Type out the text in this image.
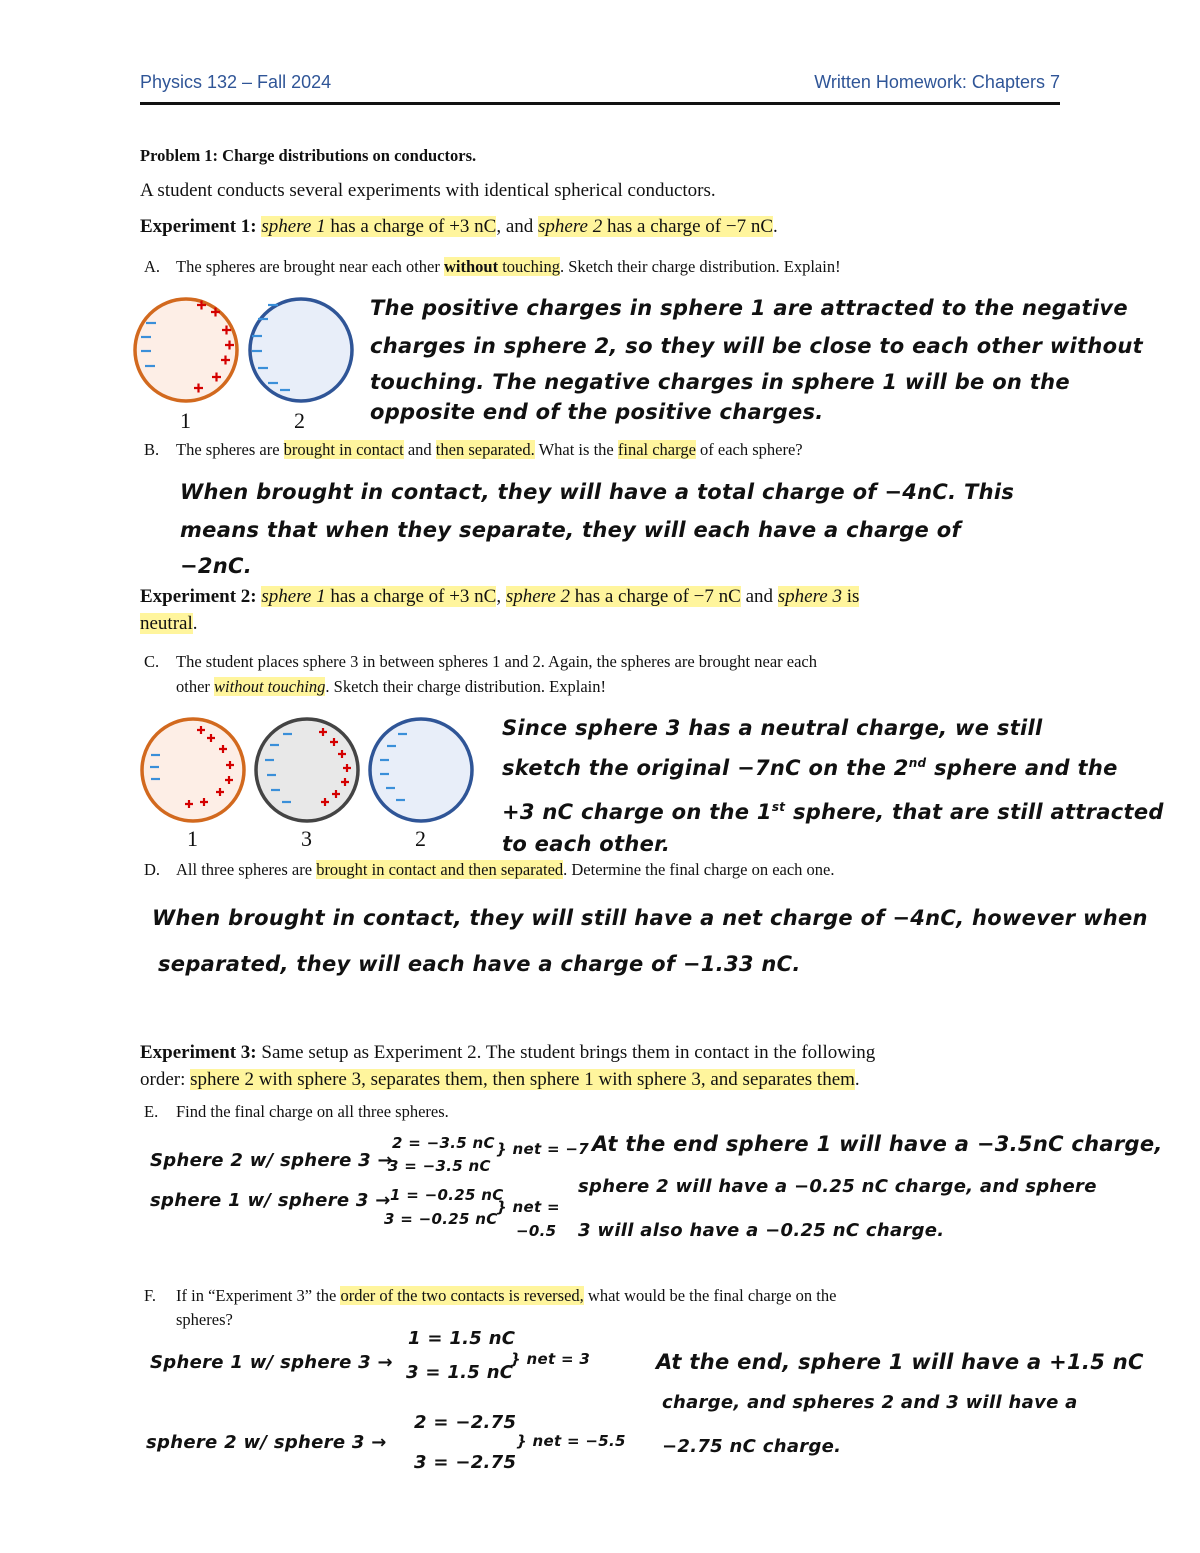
Physics 132 – Fall 2024	Written Homework: Chapters 7
Problem 1: Charge distributions on conductors.
A student conducts several experiments with identical spherical conductors.
Experiment 1: sphere 1 has a charge of +3 nC, and sphere 2 has a charge of −7 nC.
A. The spheres are brought near each other without touching. Sketch their charge distribution. Explain!
1	2
The positive charges in sphere 1 are attracted to the negative
charges in sphere 2, so they will be close to each other without
touching. The negative charges in sphere 1 will be on the
opposite end of the positive charges.
B. The spheres are brought in contact and then separated. What is the final charge of each sphere?
When brought in contact, they will have a total charge of −4nC. This
means that when they separate, they will each have a charge of
−2nC.
Experiment 2: sphere 1 has a charge of +3 nC, sphere 2 has a charge of −7 nC and sphere 3 is
neutral.
C. The student places sphere 3 in between spheres 1 and 2. Again, the spheres are brought near each
other without touching. Sketch their charge distribution. Explain!
1	3	2
Since sphere 3 has a neutral charge, we still
sketch the original −7nC on the 2nd sphere and the
+3 nC charge on the 1st sphere, that are still attracted
to each other.
D. All three spheres are brought in contact and then separated. Determine the final charge on each one.
When brought in contact, they will still have a net charge of −4nC, however when
separated, they will each have a charge of −1.33 nC.
Experiment 3: Same setup as Experiment 2. The student brings them in contact in the following
order: sphere 2 with sphere 3, separates them, then sphere 1 with sphere 3, and separates them.
E. Find the final charge on all three spheres.
Sphere 2 w/ sphere 3 →
2 = −3.5 nC
3 = −3.5 nC
} net = −7
sphere 1 w/ sphere 3 → 1 = −0.25 nC
3 = −0.25 nC
} net =
−0.5
At the end sphere 1 will have a −3.5nC charge,
sphere 2 will have a −0.25 nC charge, and sphere
3 will also have a −0.25 nC charge.
F. If in “Experiment 3” the order of the two contacts is reversed, what would be the final charge on the
spheres?
Sphere 1 w/ sphere 3 →
1 = 1.5 nC
3 = 1.5 nC
} net = 3
sphere 2 w/ sphere 3 →
2 = −2.75
3 = −2.75
} net = −5.5
At the end, sphere 1 will have a +1.5 nC
charge, and spheres 2 and 3 will have a
−2.75 nC charge.
